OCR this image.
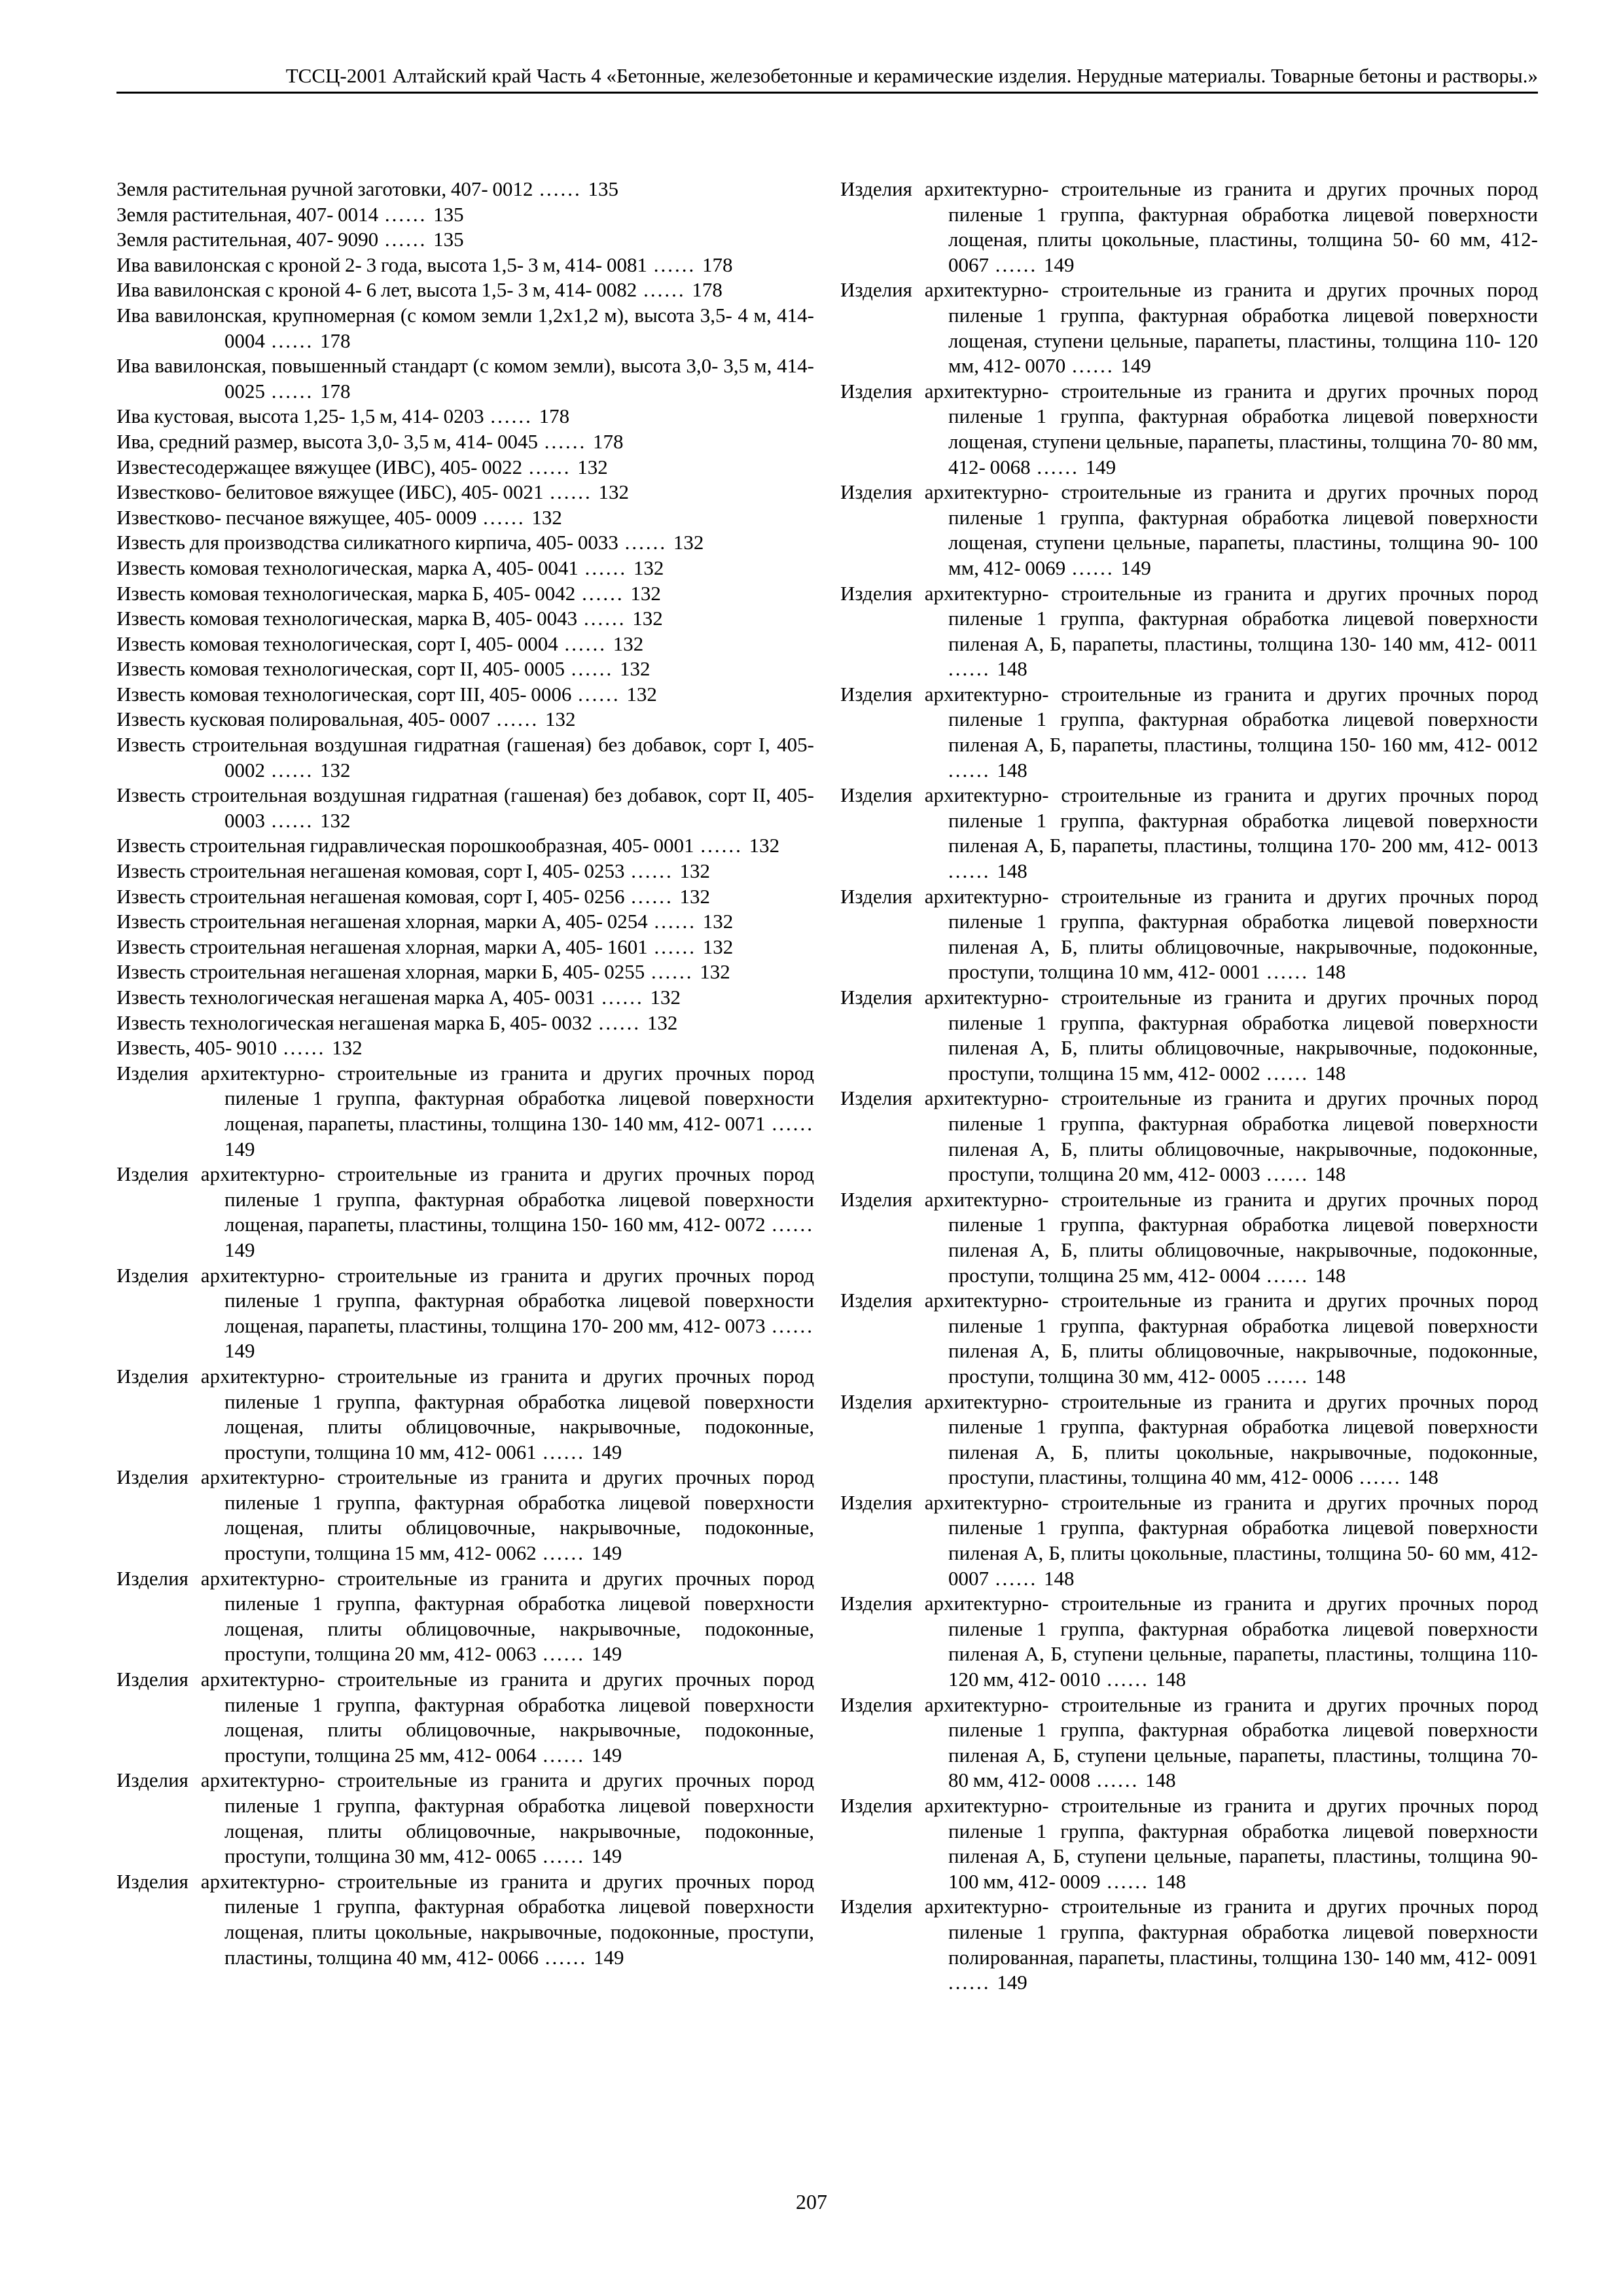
ТССЦ-2001 Алтайский край Часть 4 «Бетонные, железобетонные и керамические изделия. Нерудные материалы. Товарные бетоны и растворы.»
Земля растительная ручной заготовки, 407- 0012 ...... 135
Земля растительная, 407- 0014 ...... 135
Земля растительная, 407- 9090 ...... 135
Ива вавилонская с кроной 2- 3 года, высота 1,5- 3 м, 414- 0081 ...... 178
Ива вавилонская с кроной 4- 6 лет, высота 1,5- 3 м, 414- 0082 ...... 178
Ива вавилонская, крупномерная (с комом земли 1,2х1,2 м), высота 3,5- 4 м, 414- 0004 ...... 178
Ива вавилонская, повышенный стандарт (с комом земли), высота 3,0- 3,5 м, 414- 0025 ...... 178
Ива кустовая, высота 1,25- 1,5 м, 414- 0203 ...... 178
Ива, средний размер, высота 3,0- 3,5 м, 414- 0045 ...... 178
Известесодержащее вяжущее (ИВС), 405- 0022 ...... 132
Известково- белитовое вяжущее (ИБС), 405- 0021 ...... 132
Известково- песчаное вяжущее, 405- 0009 ...... 132
Известь для производства силикатного кирпича, 405- 0033 ...... 132
Известь комовая технологическая, марка А, 405- 0041 ...... 132
Известь комовая технологическая, марка Б, 405- 0042 ...... 132
Известь комовая технологическая, марка В, 405- 0043 ...... 132
Известь комовая технологическая, сорт I, 405- 0004 ...... 132
Известь комовая технологическая, сорт II, 405- 0005 ...... 132
Известь комовая технологическая, сорт III, 405- 0006 ...... 132
Известь кусковая полировальная, 405- 0007 ...... 132
Известь строительная воздушная гидратная (гашеная) без добавок, сорт I, 405- 0002 ...... 132
Известь строительная воздушная гидратная (гашеная) без добавок, сорт II, 405- 0003 ...... 132
Известь строительная гидравлическая порошкообразная, 405- 0001 ...... 132
Известь строительная негашеная комовая, сорт I, 405- 0253 ...... 132
Известь строительная негашеная комовая, сорт I, 405- 0256 ...... 132
Известь строительная негашеная хлорная, марки А, 405- 0254 ...... 132
Известь строительная негашеная хлорная, марки А, 405- 1601 ...... 132
Известь строительная негашеная хлорная, марки Б, 405- 0255 ...... 132
Известь технологическая негашеная марка А, 405- 0031 ...... 132
Известь технологическая негашеная марка Б, 405- 0032 ...... 132
Известь, 405- 9010 ...... 132
Изделия архитектурно- строительные из гранита и других прочных пород пиленые 1 группа, фактурная обработка лицевой поверхности лощеная, парапеты, пластины, толщина 130- 140 мм, 412- 0071 ...... 149
Изделия архитектурно- строительные из гранита и других прочных пород пиленые 1 группа, фактурная обработка лицевой поверхности лощеная, парапеты, пластины, толщина 150- 160 мм, 412- 0072 ...... 149
Изделия архитектурно- строительные из гранита и других прочных пород пиленые 1 группа, фактурная обработка лицевой поверхности лощеная, парапеты, пластины, толщина 170- 200 мм, 412- 0073 ...... 149
Изделия архитектурно- строительные из гранита и других прочных пород пиленые 1 группа, фактурная обработка лицевой поверхности лощеная, плиты облицовочные, накрывочные, подоконные, проступи, толщина 10 мм, 412- 0061 ...... 149
Изделия архитектурно- строительные из гранита и других прочных пород пиленые 1 группа, фактурная обработка лицевой поверхности лощеная, плиты облицовочные, накрывочные, подоконные, проступи, толщина 15 мм, 412- 0062 ...... 149
Изделия архитектурно- строительные из гранита и других прочных пород пиленые 1 группа, фактурная обработка лицевой поверхности лощеная, плиты облицовочные, накрывочные, подоконные, проступи, толщина 20 мм, 412- 0063 ...... 149
Изделия архитектурно- строительные из гранита и других прочных пород пиленые 1 группа, фактурная обработка лицевой поверхности лощеная, плиты облицовочные, накрывочные, подоконные, проступи, толщина 25 мм, 412- 0064 ...... 149
Изделия архитектурно- строительные из гранита и других прочных пород пиленые 1 группа, фактурная обработка лицевой поверхности лощеная, плиты облицовочные, накрывочные, подоконные, проступи, толщина 30 мм, 412- 0065 ...... 149
Изделия архитектурно- строительные из гранита и других прочных пород пиленые 1 группа, фактурная обработка лицевой поверхности лощеная, плиты цокольные, накрывочные, подоконные, проступи, пластины, толщина 40 мм, 412- 0066 ...... 149
Изделия архитектурно- строительные из гранита и других прочных пород пиленые 1 группа, фактурная обработка лицевой поверхности лощеная, плиты цокольные, пластины, толщина 50- 60 мм, 412- 0067 ...... 149
Изделия архитектурно- строительные из гранита и других прочных пород пиленые 1 группа, фактурная обработка лицевой поверхности лощеная, ступени цельные, парапеты, пластины, толщина 110- 120 мм, 412- 0070 ...... 149
Изделия архитектурно- строительные из гранита и других прочных пород пиленые 1 группа, фактурная обработка лицевой поверхности лощеная, ступени цельные, парапеты, пластины, толщина 70- 80 мм, 412- 0068 ...... 149
Изделия архитектурно- строительные из гранита и других прочных пород пиленые 1 группа, фактурная обработка лицевой поверхности лощеная, ступени цельные, парапеты, пластины, толщина 90- 100 мм, 412- 0069 ...... 149
Изделия архитектурно- строительные из гранита и других прочных пород пиленые 1 группа, фактурная обработка лицевой поверхности пиленая А, Б, парапеты, пластины, толщина 130- 140 мм, 412- 0011 ...... 148
Изделия архитектурно- строительные из гранита и других прочных пород пиленые 1 группа, фактурная обработка лицевой поверхности пиленая А, Б, парапеты, пластины, толщина 150- 160 мм, 412- 0012 ...... 148
Изделия архитектурно- строительные из гранита и других прочных пород пиленые 1 группа, фактурная обработка лицевой поверхности пиленая А, Б, парапеты, пластины, толщина 170- 200 мм, 412- 0013 ...... 148
Изделия архитектурно- строительные из гранита и других прочных пород пиленые 1 группа, фактурная обработка лицевой поверхности пиленая А, Б, плиты облицовочные, накрывочные, подоконные, проступи, толщина 10 мм, 412- 0001 ...... 148
Изделия архитектурно- строительные из гранита и других прочных пород пиленые 1 группа, фактурная обработка лицевой поверхности пиленая А, Б, плиты облицовочные, накрывочные, подоконные, проступи, толщина 15 мм, 412- 0002 ...... 148
Изделия архитектурно- строительные из гранита и других прочных пород пиленые 1 группа, фактурная обработка лицевой поверхности пиленая А, Б, плиты облицовочные, накрывочные, подоконные, проступи, толщина 20 мм, 412- 0003 ...... 148
Изделия архитектурно- строительные из гранита и других прочных пород пиленые 1 группа, фактурная обработка лицевой поверхности пиленая А, Б, плиты облицовочные, накрывочные, подоконные, проступи, толщина 25 мм, 412- 0004 ...... 148
Изделия архитектурно- строительные из гранита и других прочных пород пиленые 1 группа, фактурная обработка лицевой поверхности пиленая А, Б, плиты облицовочные, накрывочные, подоконные, проступи, толщина 30 мм, 412- 0005 ...... 148
Изделия архитектурно- строительные из гранита и других прочных пород пиленые 1 группа, фактурная обработка лицевой поверхности пиленая А, Б, плиты цокольные, накрывочные, подоконные, проступи, пластины, толщина 40 мм, 412- 0006 ...... 148
Изделия архитектурно- строительные из гранита и других прочных пород пиленые 1 группа, фактурная обработка лицевой поверхности пиленая А, Б, плиты цокольные, пластины, толщина 50- 60 мм, 412- 0007 ...... 148
Изделия архитектурно- строительные из гранита и других прочных пород пиленые 1 группа, фактурная обработка лицевой поверхности пиленая А, Б, ступени цельные, парапеты, пластины, толщина 110- 120 мм, 412- 0010 ...... 148
Изделия архитектурно- строительные из гранита и других прочных пород пиленые 1 группа, фактурная обработка лицевой поверхности пиленая А, Б, ступени цельные, парапеты, пластины, толщина 70- 80 мм, 412- 0008 ...... 148
Изделия архитектурно- строительные из гранита и других прочных пород пиленые 1 группа, фактурная обработка лицевой поверхности пиленая А, Б, ступени цельные, парапеты, пластины, толщина 90- 100 мм, 412- 0009 ...... 148
Изделия архитектурно- строительные из гранита и других прочных пород пиленые 1 группа, фактурная обработка лицевой поверхности полированная, парапеты, пластины, толщина 130- 140 мм, 412- 0091 ...... 149
207
